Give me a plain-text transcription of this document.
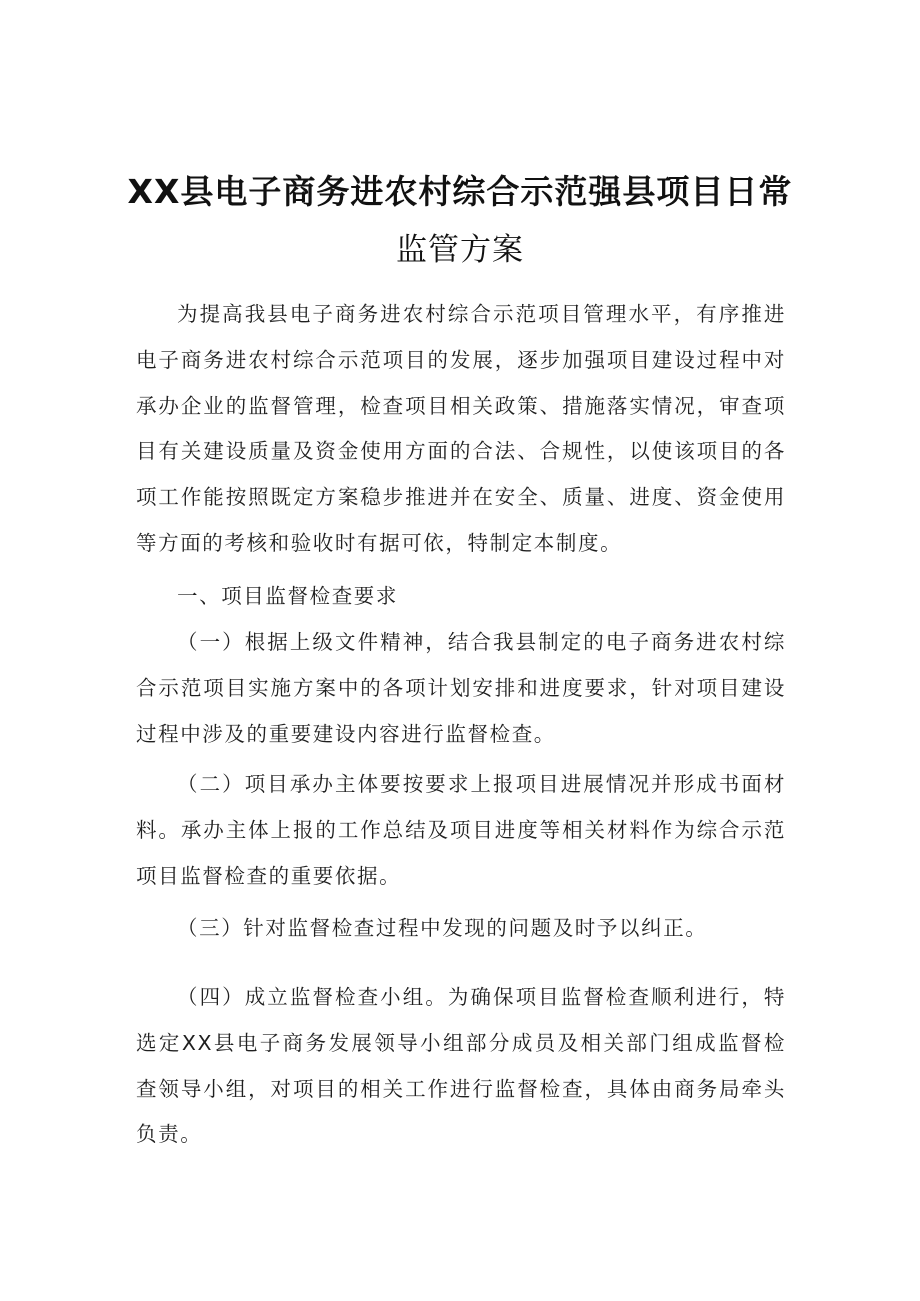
XX县电子商务进农村综合示范强县项目日常
监管方案
为提高我县电子商务进农村综合示范项目管理水平，有序推进电子商务进农村综合示范项目的发展，逐步加强项目建设过程中对承办企业的监督管理，检查项目相关政策、措施落实情况，审查项目有关建设质量及资金使用方面的合法、合规性，以使该项目的各项工作能按照既定方案稳步推进并在安全、质量、进度、资金使用等方面的考核和验收时有据可依，特制定本制度。
一、项目监督检查要求
（一）根据上级文件精神，结合我县制定的电子商务进农村综合示范项目实施方案中的各项计划安排和进度要求，针对项目建设过程中涉及的重要建设内容进行监督检查。
（二）项目承办主体要按要求上报项目进展情况并形成书面材料。承办主体上报的工作总结及项目进度等相关材料作为综合示范项目监督检查的重要依据。
（三）针对监督检查过程中发现的问题及时予以纠正。
（四）成立监督检查小组。为确保项目监督检查顺利进行，特选定XX县电子商务发展领导小组部分成员及相关部门组成监督检查领导小组，对项目的相关工作进行监督检查，具体由商务局牵头负责。
